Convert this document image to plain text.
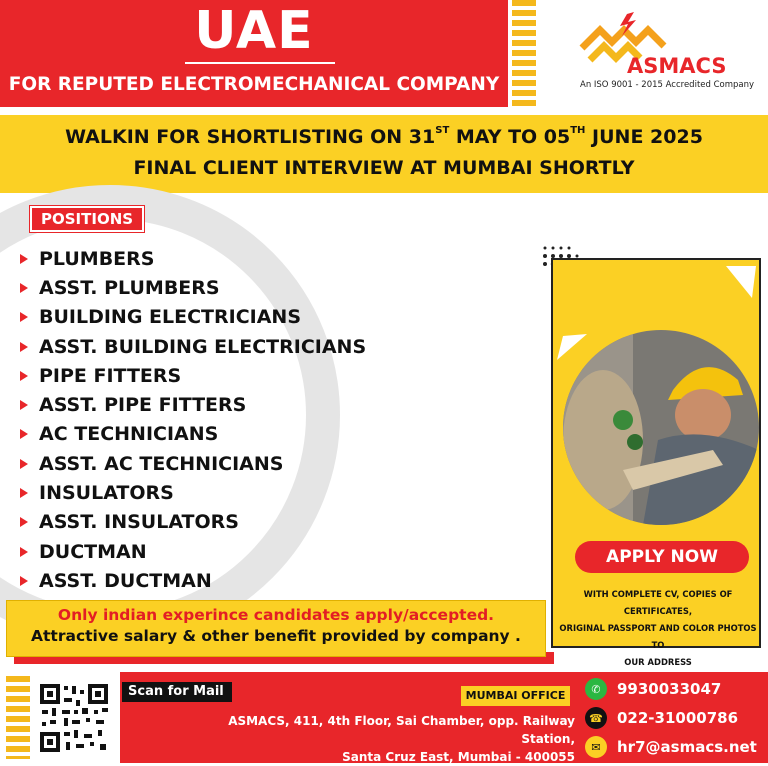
UAE
FOR REPUTED ELECTROMECHANICAL COMPANY
ASMACS
An ISO 9001 - 2015 Accredited Company
WALKIN FOR SHORTLISTING ON 31ST MAY TO 05TH JUNE 2025
FINAL CLIENT INTERVIEW AT MUMBAI SHORTLY
POSITIONS
PLUMBERS
ASST. PLUMBERS
BUILDING ELECTRICIANS
ASST. BUILDING ELECTRICIANS
PIPE FITTERS
ASST. PIPE FITTERS
AC TECHNICIANS
ASST. AC TECHNICIANS
INSULATORS
ASST. INSULATORS
DUCTMAN
ASST. DUCTMAN
Only indian experince candidates apply/accepted.
Attractive salary & other benefit provided by company .
APPLY NOW
WITH COMPLETE CV, COPIES OF CERTIFICATES,
ORIGINAL PASSPORT AND COLOR PHOTOS TO
OUR ADDRESS
Scan for Mail	MUMBAI OFFICE
ASMACS, 411, 4th Floor, Sai Chamber, opp. Railway Station,
Santa Cruz East, Mumbai - 400055
✆	9930033047
☎ 022-31000786
✉	hr7@asmacs.net
